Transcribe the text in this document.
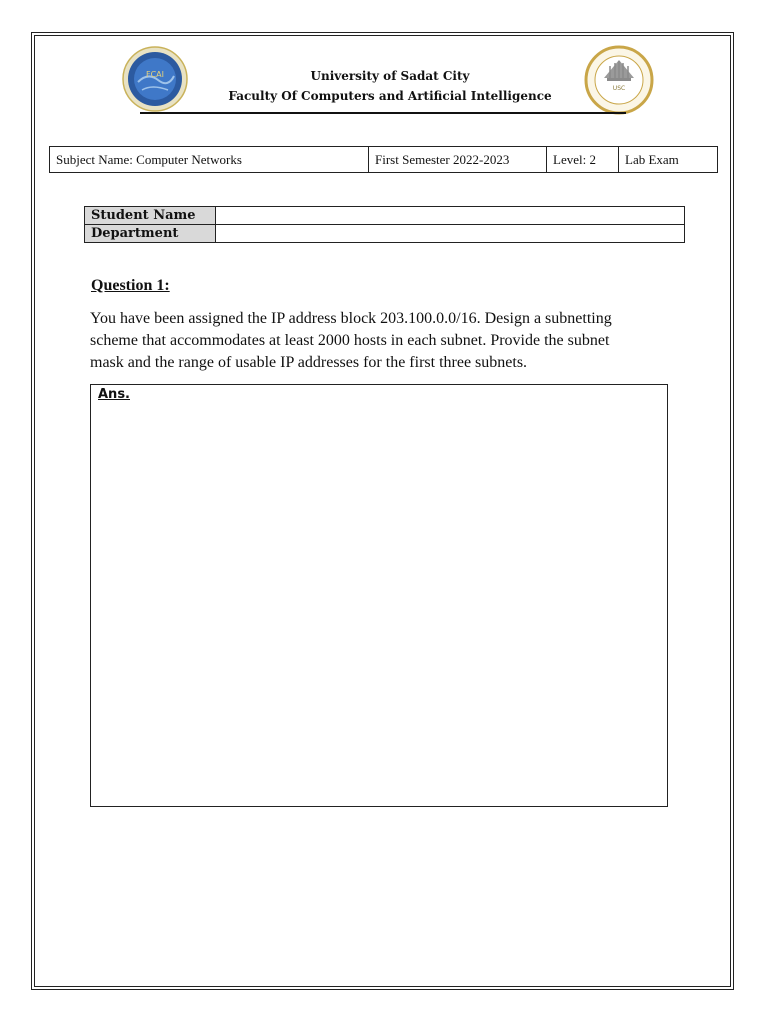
FCAI
USC
University of Sadat City
Faculty Of Computers and Artificial Intelligence
Subject Name: Computer Networks	First Semester 2022-2023	Level: 2	Lab Exam
Student Name	
Department	
Question 1:
You have been assigned the IP address block 203.100.0.0/16. Design a subnetting
scheme that accommodates at least 2000 hosts in each subnet. Provide the subnet
mask and the range of usable IP addresses for the first three subnets.
Ans.
